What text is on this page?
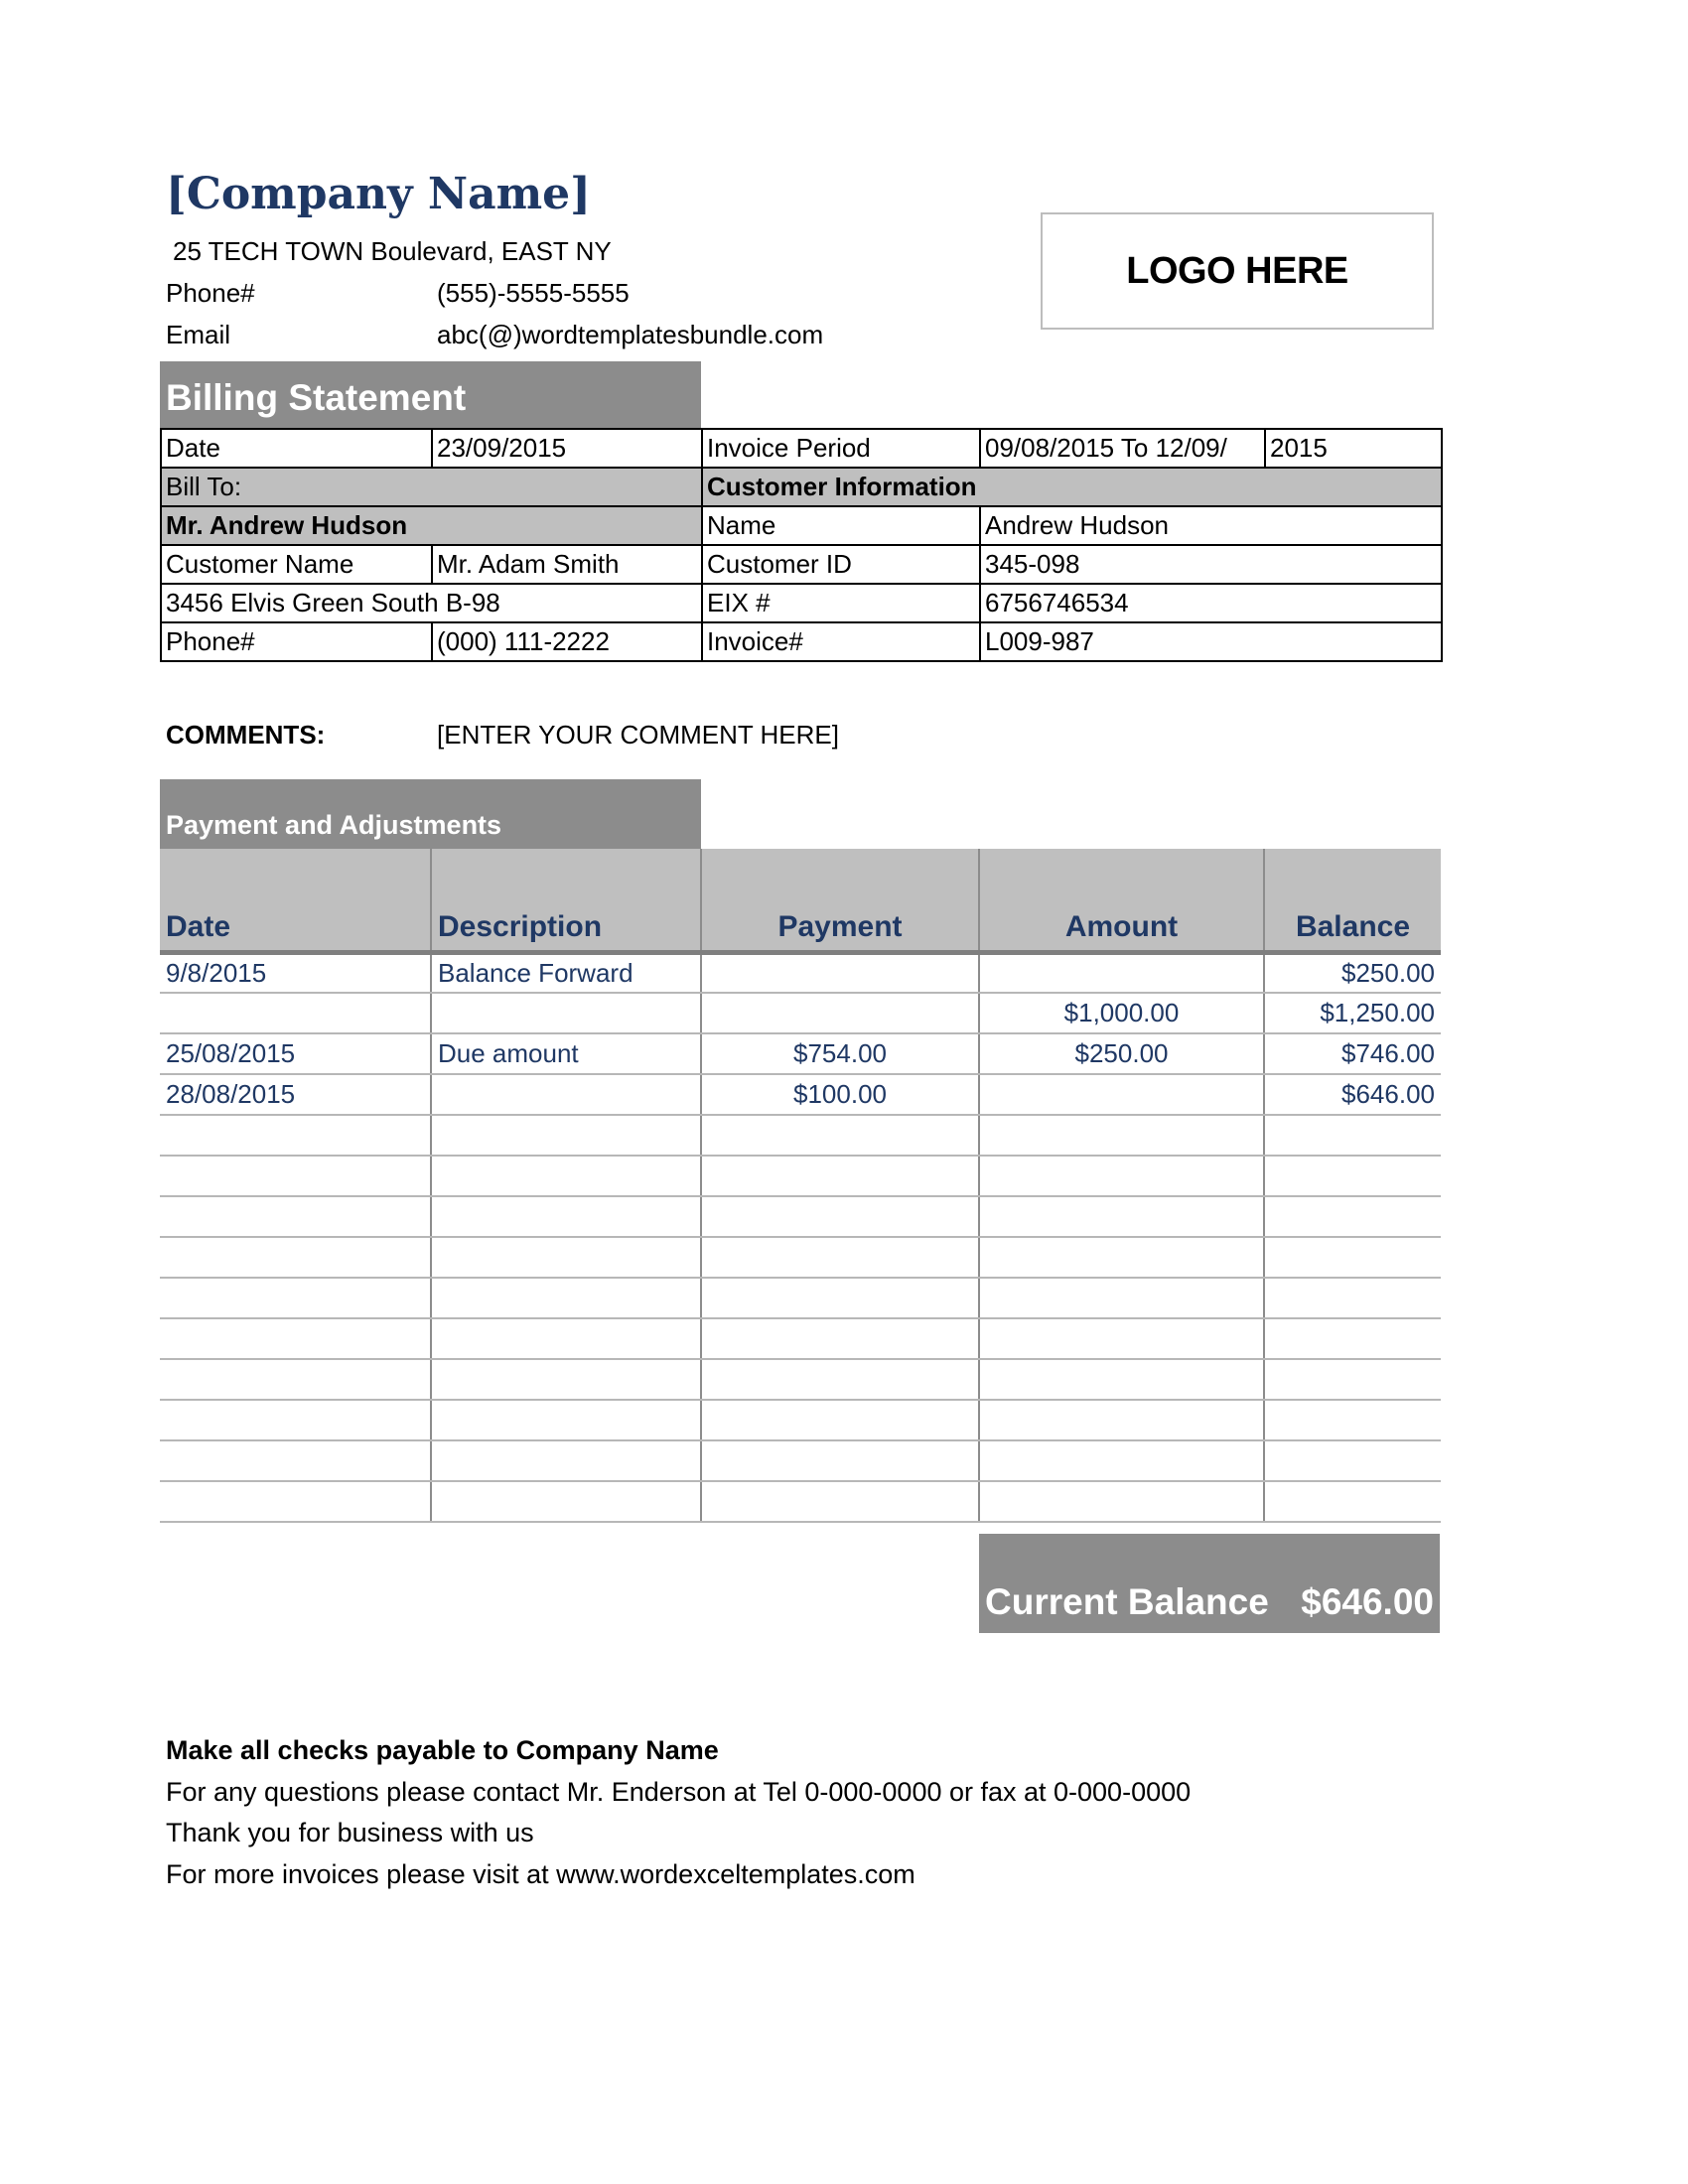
[Company Name]
25 TECH TOWN Boulevard, EAST NY
Phone#	(555)-5555-5555
Email	abc(@)wordtemplatesbundle.com
LOGO HERE
Billing Statement
Date	23/09/2015	Invoice Period	09/08/2015 To 12/09/	2015
Bill To:		Customer Information		
Mr. Andrew Hudson		Name	Andrew Hudson	
Customer Name	Mr. Adam Smith	Customer ID	345-098	
3456 Elvis Green South B-98		EIX #	6756746534	
Phone#	(000) 111-2222	Invoice#	L009-987	
COMMENTS:	[ENTER YOUR COMMENT HERE]
Payment and Adjustments
Date	Description	Payment	Amount	Balance
9/8/2015	Balance Forward			$250.00
			$1,000.00	$1,250.00
25/08/2015	Due amount	$754.00	$250.00	$746.00
28/08/2015		$100.00		$646.00

Current Balance $646.00
Make all checks payable to Company Name
For any questions please contact Mr. Enderson at Tel 0-000-0000 or fax at 0-000-0000
Thank you for business with us
For more invoices please visit at www.wordexceltemplates.com
